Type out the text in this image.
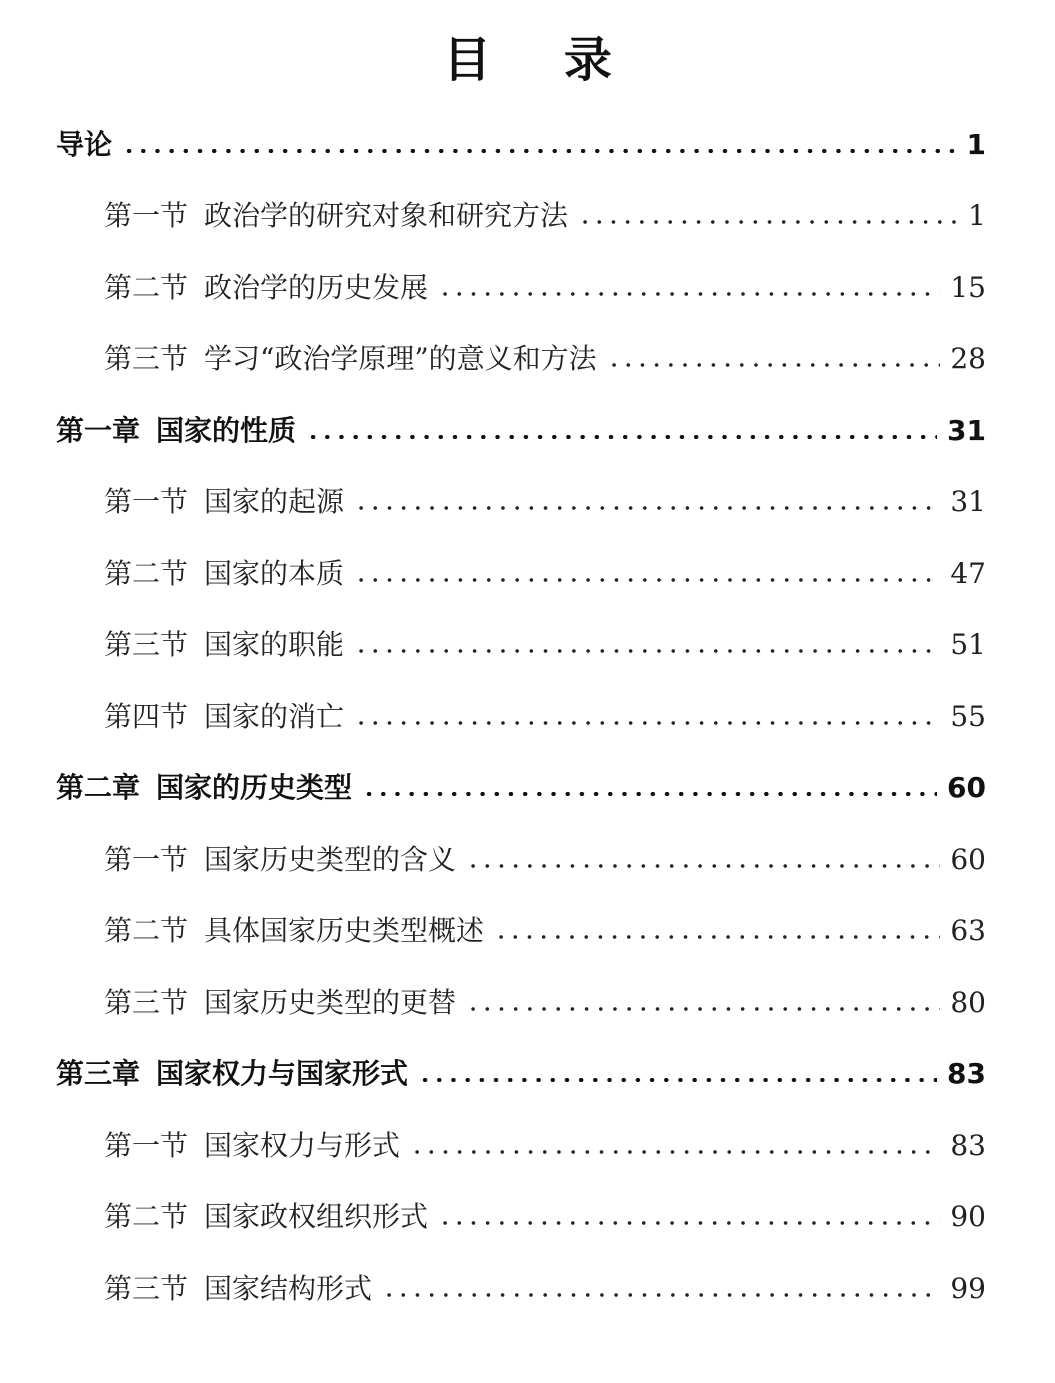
目 录
导论	1
第一节 政治学的研究对象和研究方法	1
第二节 政治学的历史发展	15
第三节 学习“政治学原理”的意义和方法	28
第一章 国家的性质	31
第一节 国家的起源	31
第二节 国家的本质	47
第三节 国家的职能	51
第四节 国家的消亡	55
第二章 国家的历史类型	60
第一节 国家历史类型的含义	60
第二节 具体国家历史类型概述	63
第三节 国家历史类型的更替	80
第三章 国家权力与国家形式	83
第一节 国家权力与形式	83
第二节 国家政权组织形式	90
第三节 国家结构形式	99
